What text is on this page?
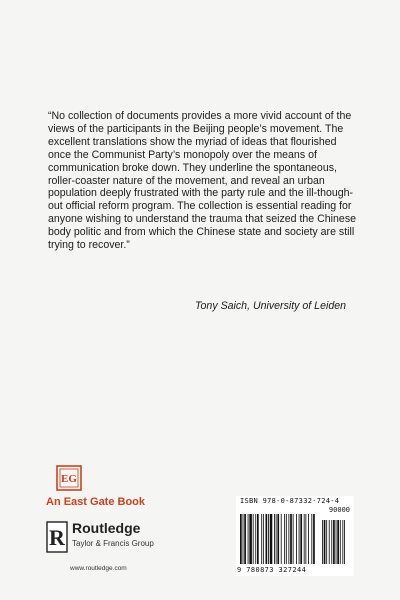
“No collection of documents provides a more vivid account of the views of the participants in the Beijing people’s movement. The excellent translations show the myriad of ideas that flourished once the Communist Party’s monopoly over the means of communication broke down. They underline the spontaneous, roller-coaster nature of the movement, and reveal an urban population deeply frustrated with the party rule and the ill-though-out official reform program. The collection is essential reading for anyone wishing to understand the trauma that seized the Chinese body politic and from which the Chinese state and society are still trying to recover.”

Tony Saich, University of Leiden
EG
An East Gate Book
R Routledge
Taylor & Francis Group
www.routledge.com
ISBN 978-0-87332-724-4
90000
9 780873 327244
